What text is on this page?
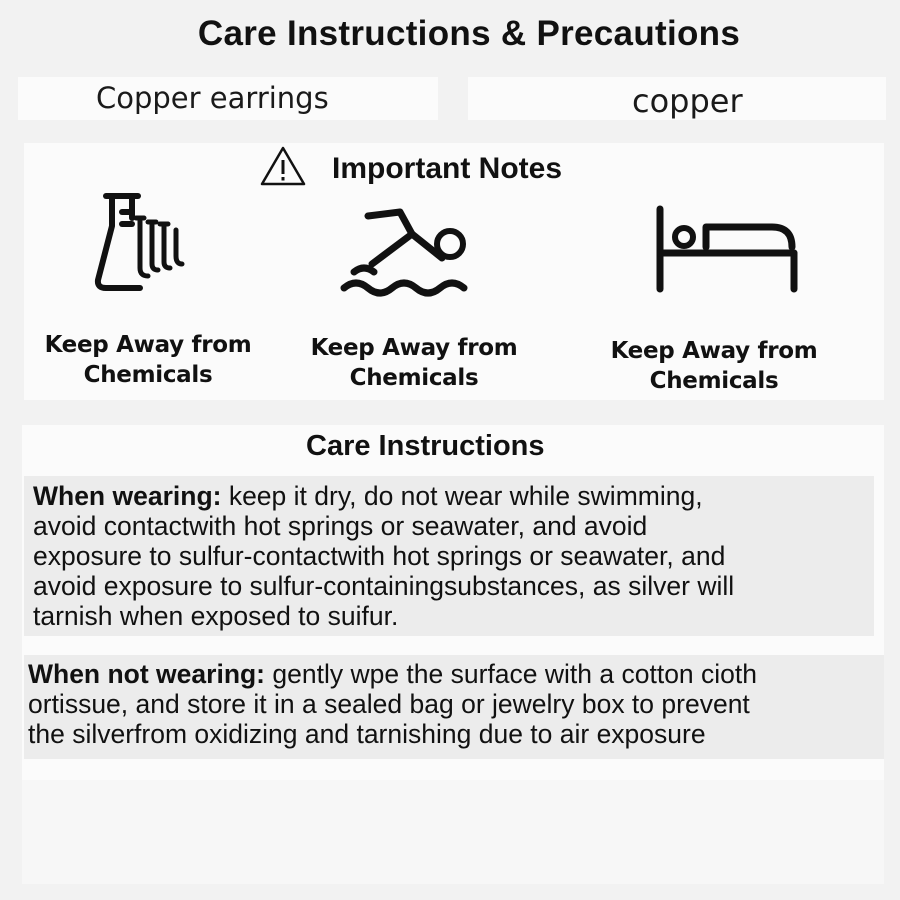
Care Instructions & Precautions
Copper earrings	copper
Important Notes
Keep Away from
Chemicals
Keep Away from
Chemicals
Keep Away from
Chemicals
Care Instructions
When wearing: keep it dry, do not wear while swimming,
avoid contactwith hot springs or seawater, and avoid
exposure to sulfur-contactwith hot springs or seawater, and
avoid exposure to sulfur-containingsubstances, as silver will
tarnish when exposed to suifur.
When not wearing: gently wpe the surface with a cotton cioth
ortissue, and store it in a sealed bag or jewelry box to prevent
the silverfrom oxidizing and tarnishing due to air exposure
